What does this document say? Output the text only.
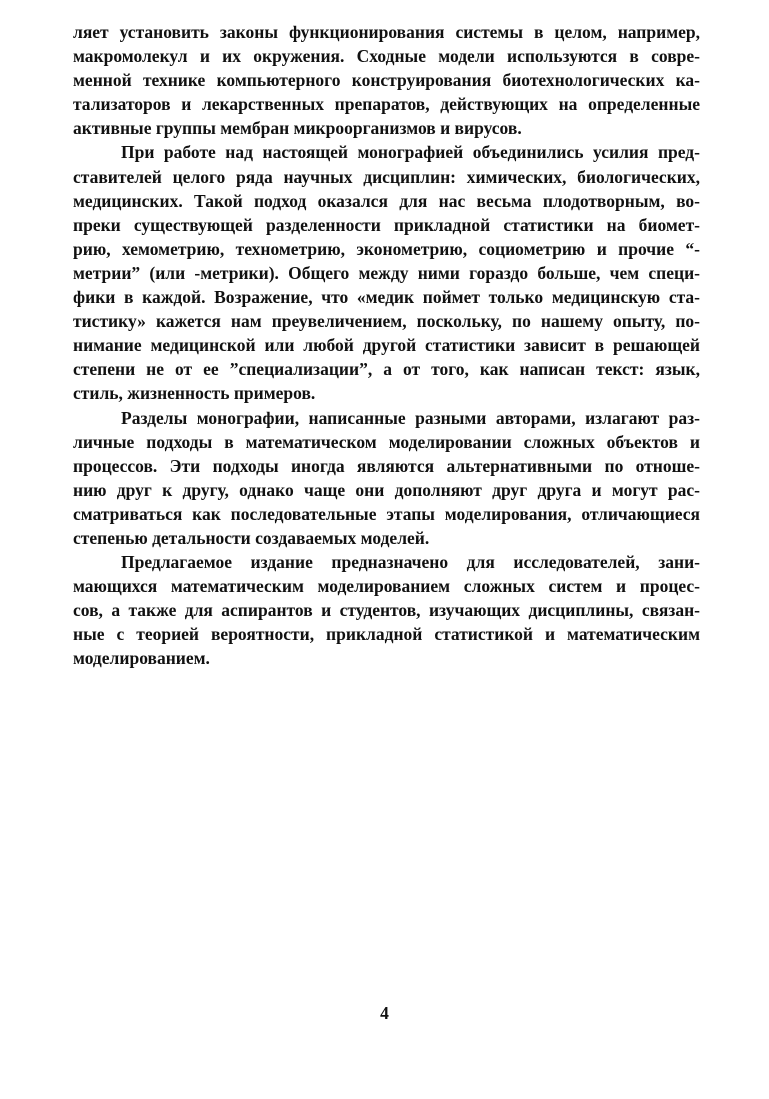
ляет установить законы функционирования системы в целом, например,
макромолекул и их окружения. Сходные модели используются в совре-
менной технике компьютерного конструирования биотехнологических ка-
тализаторов и лекарственных препаратов, действующих на определенные
активные группы мембран микроорганизмов и вирусов.
При работе над настоящей монографией объединились усилия пред-
ставителей целого ряда научных дисциплин: химических, биологических,
медицинских. Такой подход оказался для нас весьма плодотворным, во-
преки существующей разделенности прикладной статистики на биомет-
рию, хемометрию, технометрию, эконометрию, социометрию и прочие “-
метрии” (или -метрики). Общего между ними гораздо больше, чем специ-
фики в каждой. Возражение, что «медик поймет только медицинскую ста-
тистику» кажется нам преувеличением, поскольку, по нашему опыту, по-
нимание медицинской или любой другой статистики зависит в решающей
степени не от ее ”специализации”, а от того, как написан текст: язык,
стиль, жизненность примеров.
Разделы монографии, написанные разными авторами, излагают раз-
личные подходы в математическом моделировании сложных объектов и
процессов. Эти подходы иногда являются альтернативными по отноше-
нию друг к другу, однако чаще они дополняют друг друга и могут рас-
сматриваться как последовательные этапы моделирования, отличающиеся
степенью детальности создаваемых моделей.
Предлагаемое издание предназначено для исследователей, зани-
мающихся математическим моделированием сложных систем и процес-
сов, а также для аспирантов и студентов, изучающих дисциплины, связан-
ные с теорией вероятности, прикладной статистикой и математическим
моделированием.
4
